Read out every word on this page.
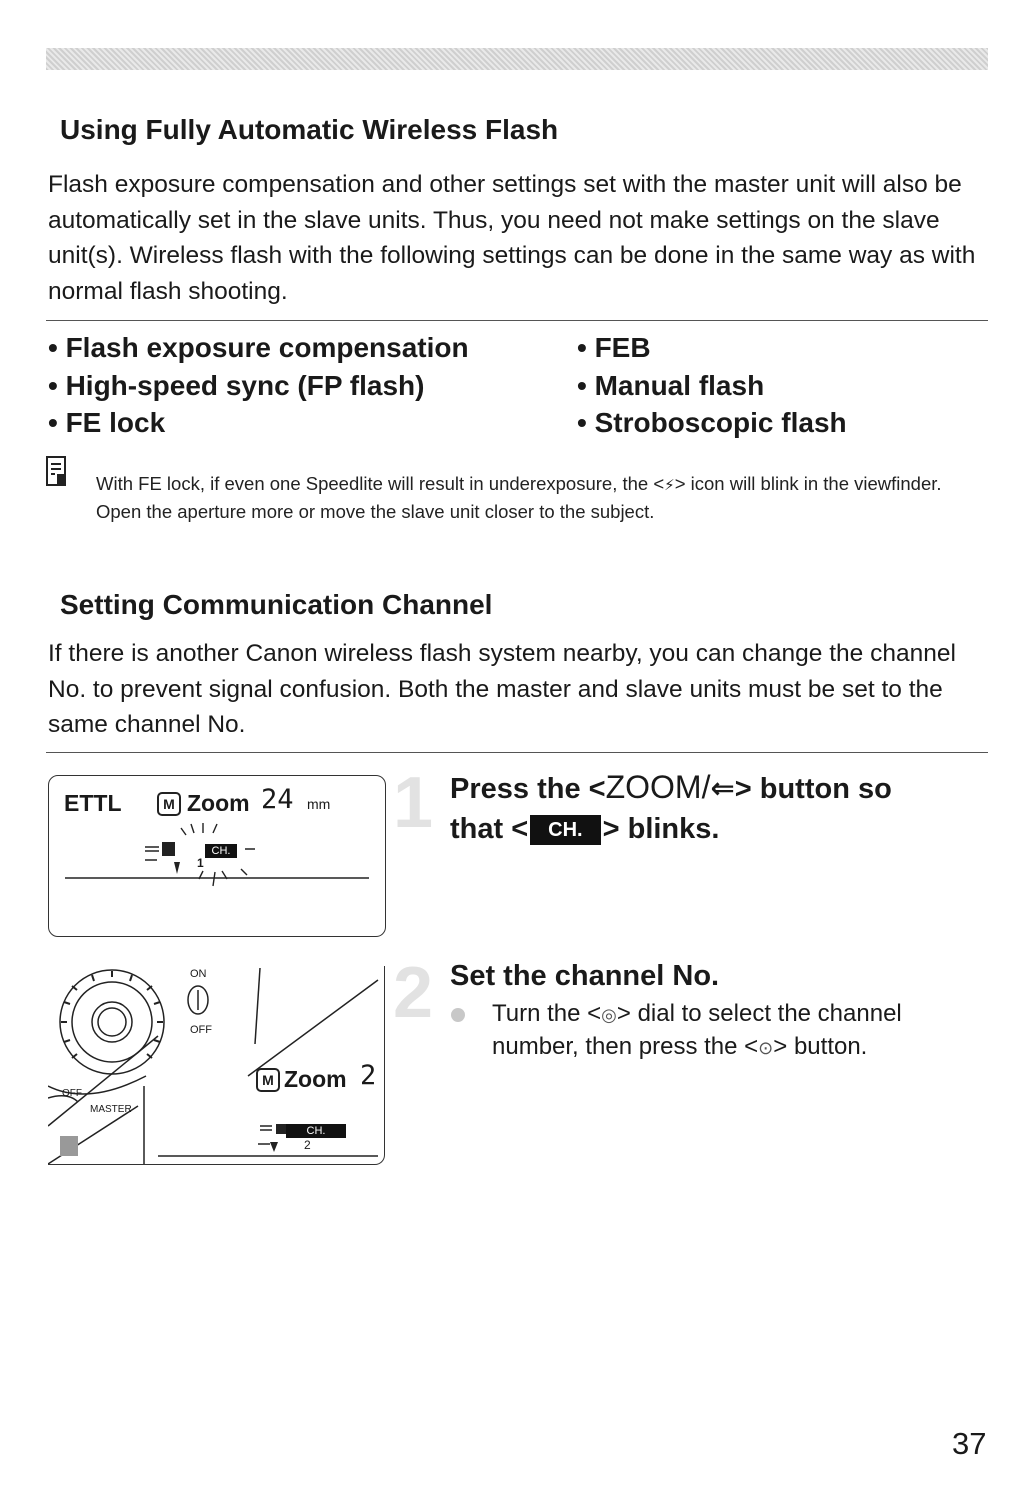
Using Fully Automatic Wireless Flash

Flash exposure compensation and other settings set with the master unit will also be automatically set in the slave units. Thus, you need not make settings on the slave unit(s). Wireless flash with the following settings can be done in the same way as with normal flash shooting.

• Flash exposure compensation
• High-speed sync (FP flash)
• FE lock
• FEB
• Manual flash
• Stroboscopic flash
With FE lock, if even one Speedlite will result in underexposure, the <⚡> icon will blink in the viewfinder. Open the aperture more or move the slave unit closer to the subject.
Setting Communication Channel

If there is another Canon wireless flash system nearby, you can change the channel No. to prevent signal confusion. Both the master and slave units must be set to the same channel No.

ETTL	M Zoom 24 mm
CH.
1
1 Press the <ZOOM/⇐> button so
that < CH. > blinks.
ON
OFF
OFF
MASTER
M Zoom 2
CH.
2
2 Set the channel No.
Turn the <◎> dial to select the channel
number, then press the <⊙> button.
37
